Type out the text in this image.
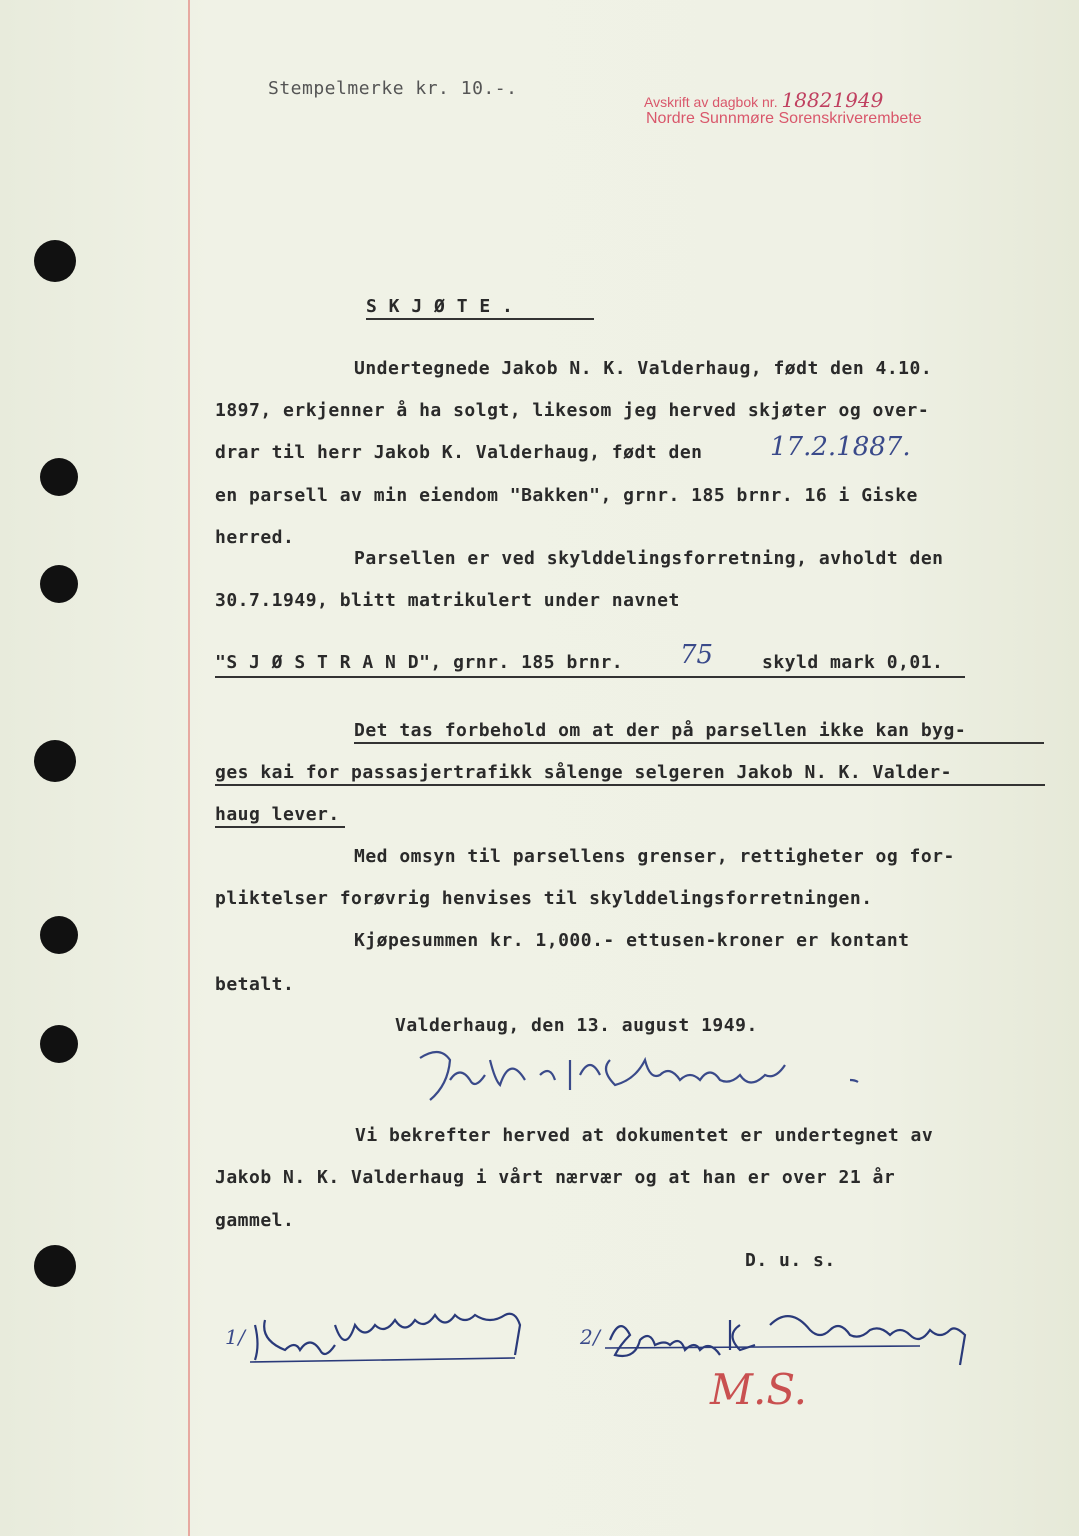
Stempelmerke kr. 10.-.
Avskrift av dagbok nr. 18821949
Nordre Sunnmøre Sorenskriverembete
S K J Ø T E .
Undertegnede Jakob N. K. Valderhaug, født den 4.10.
1897, erkjenner å ha solgt, likesom jeg herved skjøter og over-
drar til herr Jakob K. Valderhaug, født den	17.2.1887.
en parsell av min eiendom "Bakken", grnr. 185 brnr. 16 i Giske
herred.
Parsellen er ved skylddelingsforretning, avholdt den
30.7.1949, blitt matrikulert under navnet
"S J Ø S T R A N D", grnr. 185 brnr. 75	skyld mark 0,01.
Det tas forbehold om at der på parsellen ikke kan byg-
ges kai for passasjertrafikk sålenge selgeren Jakob N. K. Valder-
haug lever.
Med omsyn til parsellens grenser, rettigheter og for-
pliktelser forøvrig henvises til skylddelingsforretningen.
Kjøpesummen kr. 1,000.- ettusen-kroner er kontant
betalt.
Valderhaug, den 13. august 1949.
Vi bekrefter herved at dokumentet er undertegnet av
Jakob N. K. Valderhaug i vårt nærvær og at han er over 21 år
gammel.
D. u. s.
1/	2/
M.S.
